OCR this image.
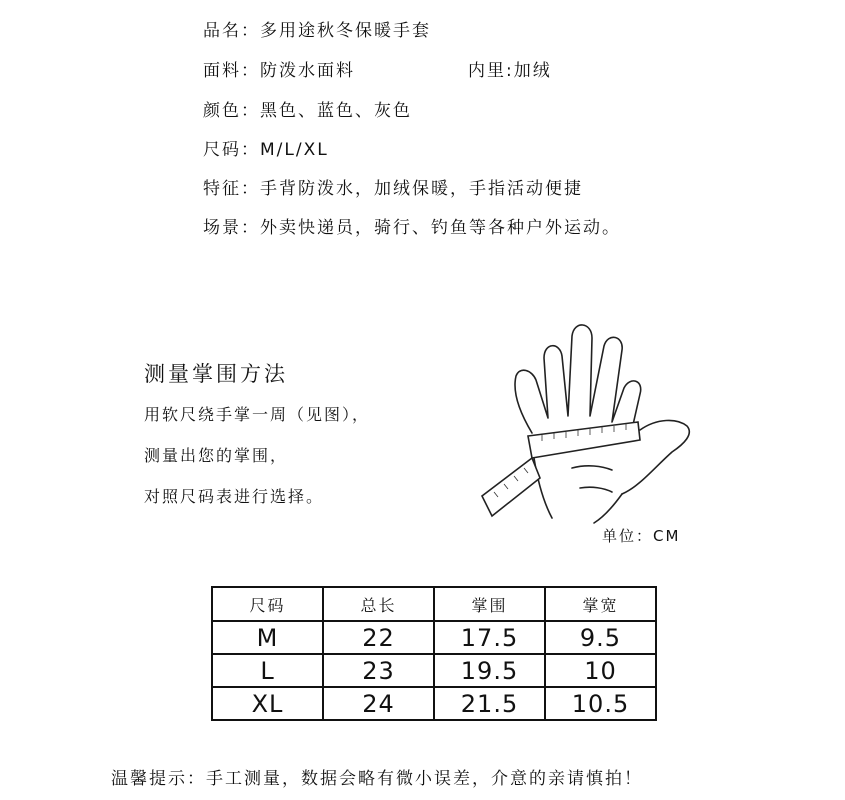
品名：多用途秋冬保暖手套
面料：防泼水面料	内里:加绒
颜色：黑色、蓝色、灰色
尺码：M/L/XL
特征：手背防泼水，加绒保暖，手指活动便捷
场景：外卖快递员，骑行、钓鱼等各种户外运动。
测量掌围方法
用软尺绕手掌一周（见图），
测量出您的掌围，
对照尺码表进行选择。
单位：CM
尺码	总长	掌围	掌宽
M	22	17.5	9.5
L	23	19.5	10
XL	24	21.5	10.5
温馨提示：手工测量，数据会略有微小误差，介意的亲请慎拍！
